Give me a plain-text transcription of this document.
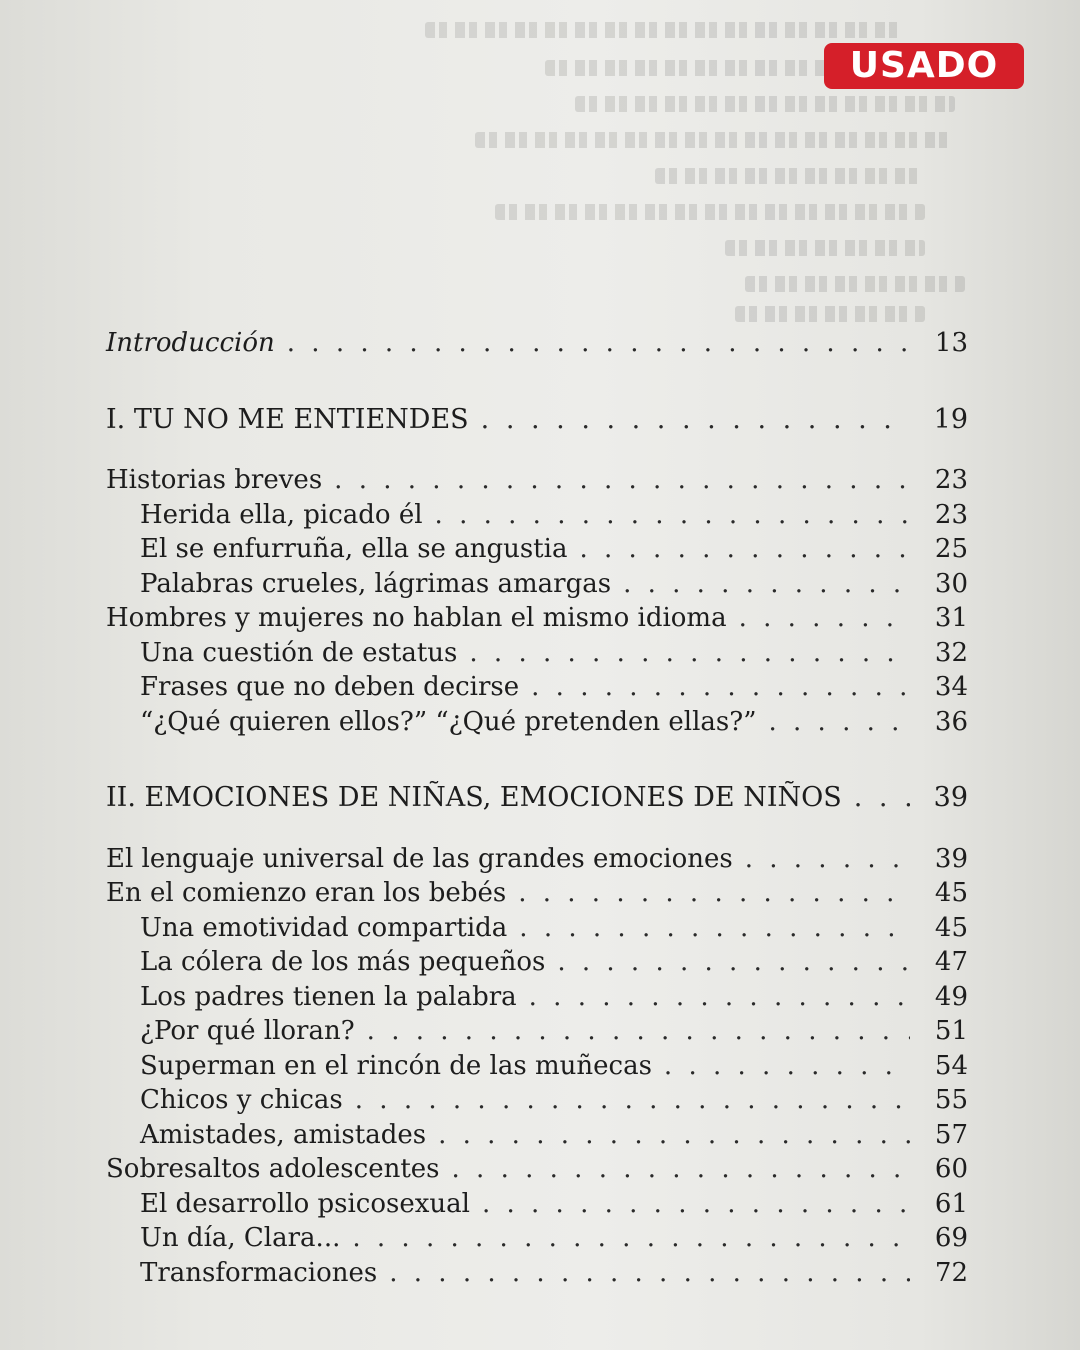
USADO
Introducción . . .	13
I. TU NO ME ENTIENDES . . .	19
Historias breves . . .	23
Herida ella, picado él . . .	23
El se enfurruña, ella se angustia . . .	25
Palabras crueles, lágrimas amargas . . .	30
Hombres y mujeres no hablan el mismo idioma . . .	31
Una cuestión de estatus . . .	32
Frases que no deben decirse . . .	34
“¿Qué quieren ellos?” “¿Qué pretenden ellas?” . . .	36
II. EMOCIONES DE NIÑAS, EMOCIONES DE NIÑOS . . .	39
El lenguaje universal de las grandes emociones . . .	39
En el comienzo eran los bebés . . .	45
Una emotividad compartida . . .	45
La cólera de los más pequeños . . .	47
Los padres tienen la palabra . . .	49
¿Por qué lloran? . . .	51
Superman en el rincón de las muñecas . . .	54
Chicos y chicas . . .	55
Amistades, amistades . . .	57
Sobresaltos adolescentes . . .	60
El desarrollo psicosexual . . .	61
Un día, Clara... . . .	69
Transformaciones . . .	72
